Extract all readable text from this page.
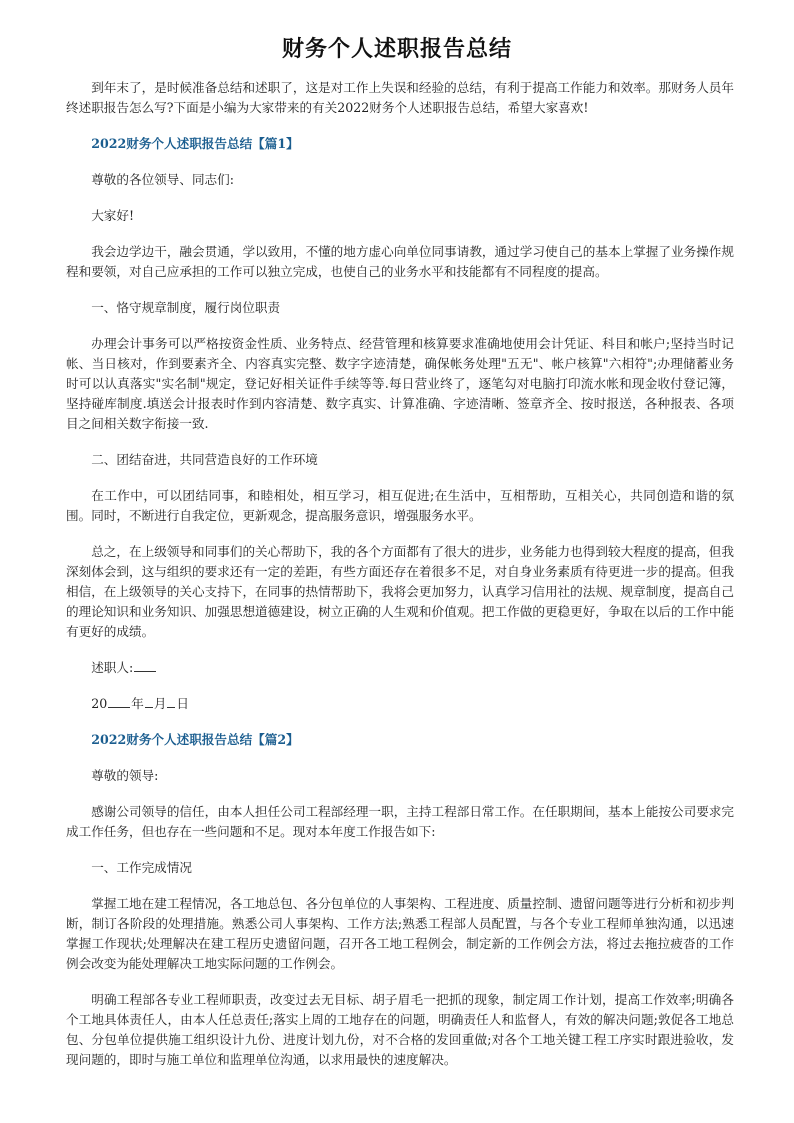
财务个人述职报告总结

到年末了，是时候准备总结和述职了，这是对工作上失误和经验的总结，有利于提高工作能力和效率。那财务人员年终述职报告怎么写?下面是小编为大家带来的有关2022财务个人述职报告总结，希望大家喜欢!

2022财务个人述职报告总结【篇1】

尊敬的各位领导、同志们:

大家好!

我会边学边干，融会贯通，学以致用，不懂的地方虚心向单位同事请教，通过学习使自己的基本上掌握了业务操作规程和要领，对自己应承担的工作可以独立完成，也使自己的业务水平和技能都有不同程度的提高。

一、恪守规章制度，履行岗位职责

办理会计事务可以严格按资金性质、业务特点、经营管理和核算要求准确地使用会计凭证、科目和帐户;坚持当时记帐、当日核对，作到要素齐全、内容真实完整、数字字迹清楚，确保帐务处理"五无"、帐户核算"六相符";办理储蓄业务时可以认真落实"实名制"规定，登记好相关证件手续等等.每日营业终了，逐笔勾对电脑打印流水帐和现金收付登记簿，坚持碰库制度.填送会计报表时作到内容清楚、数字真实、计算准确、字迹清晰、签章齐全、按时报送，各种报表、各项目之间相关数字衔接一致.

二、团结奋进，共同营造良好的工作环境

在工作中，可以团结同事，和睦相处，相互学习，相互促进;在生活中，互相帮助，互相关心，共同创造和谐的氛围。同时，不断进行自我定位，更新观念，提高服务意识，增强服务水平。

总之，在上级领导和同事们的关心帮助下，我的各个方面都有了很大的进步，业务能力也得到较大程度的提高，但我深刻体会到，这与组织的要求还有一定的差距，有些方面还存在着很多不足，对自身业务素质有待更进一步的提高。但我相信，在上级领导的关心支持下，在同事的热情帮助下，我将会更加努力，认真学习信用社的法规、规章制度，提高自己的理论知识和业务知识、加强思想道德建设，树立正确的人生观和价值观。把工作做的更稳更好，争取在以后的工作中能有更好的成绩。

述职人:

20 年 月 日

2022财务个人述职报告总结【篇2】

尊敬的领导:

感谢公司领导的信任，由本人担任公司工程部经理一职，主持工程部日常工作。在任职期间，基本上能按公司要求完成工作任务，但也存在一些问题和不足。现对本年度工作报告如下:

一、工作完成情况

掌握工地在建工程情况，各工地总包、各分包单位的人事架构、工程进度、质量控制、遗留问题等进行分析和初步判断，制订各阶段的处理措施。熟悉公司人事架构、工作方法;熟悉工程部人员配置，与各个专业工程师单独沟通，以迅速掌握工作现状;处理解决在建工程历史遗留问题，召开各工地工程例会，制定新的工作例会方法，将过去拖拉疲沓的工作例会改变为能处理解决工地实际问题的工作例会。

明确工程部各专业工程师职责，改变过去无目标、胡子眉毛一把抓的现象，制定周工作计划，提高工作效率;明确各个工地具体责任人，由本人任总责任;落实上周的工地存在的问题，明确责任人和监督人，有效的解决问题;敦促各工地总包、分包单位提供施工组织设计九份、进度计划九份，对不合格的发回重做;对各个工地关键工程工序实时跟进验收，发现问题的，即时与施工单位和监理单位沟通，以求用最快的速度解决。
